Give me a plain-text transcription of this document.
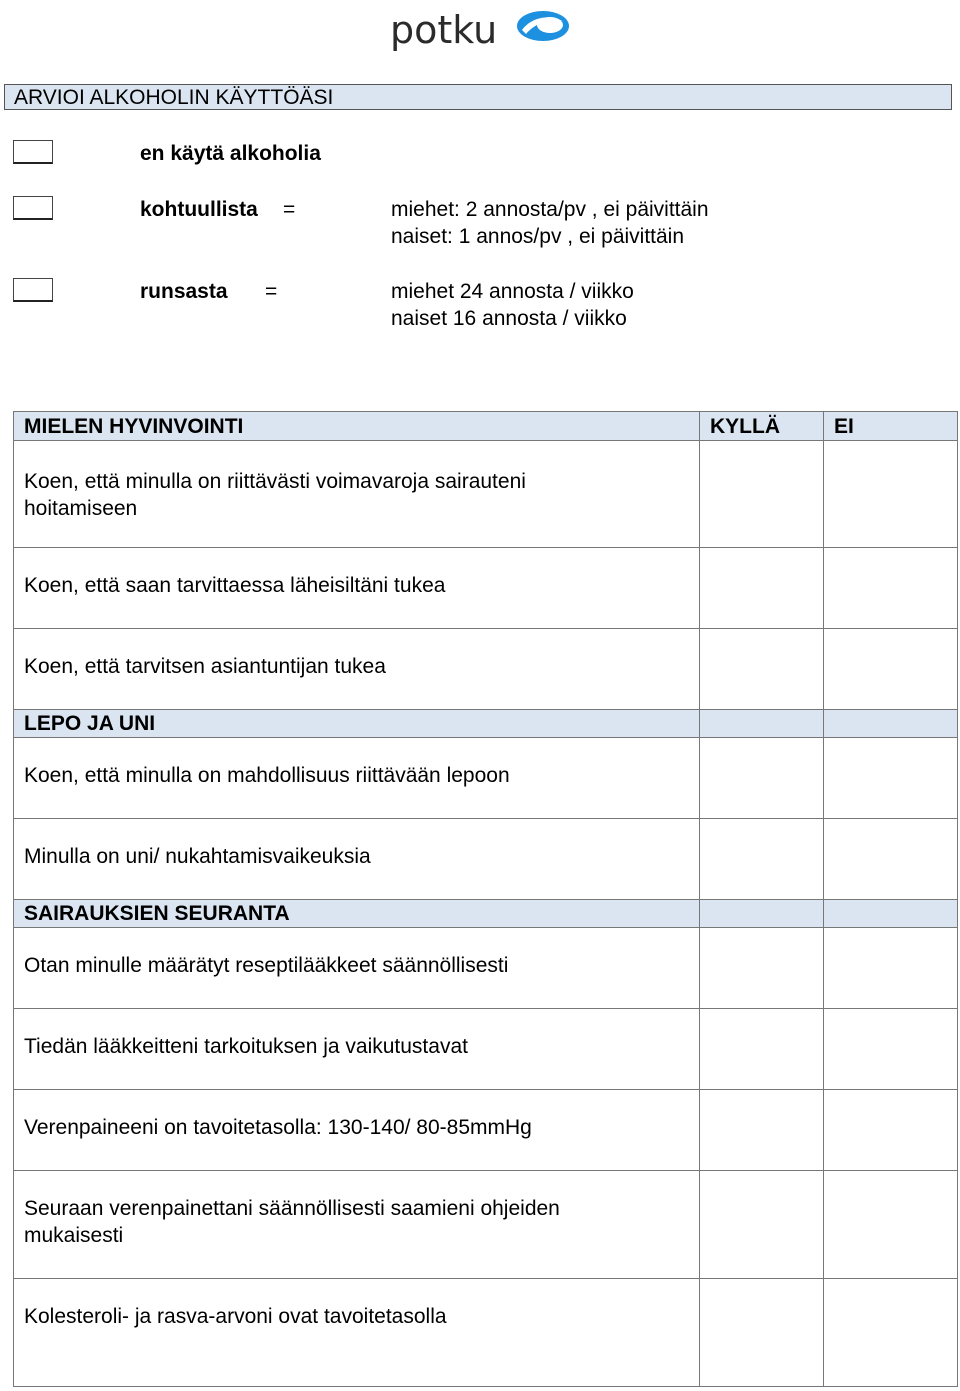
potku
ARVIOI ALKOHOLIN KÄYTTÖÄSI
en käytä alkoholia
kohtuullista =	miehet: 2 annosta/pv , ei päivittäin
naiset: 1 annos/pv , ei päivittäin
runsasta =	miehet 24 annosta / viikko
naiset 16 annosta / viikko
MIELEN HYVINVOINTI	KYLLÄ	EI

Koen, että minulla on riittävästi voimavaroja sairauteni
hoitamiseen		

Koen, että saan tarvittaessa läheisiltäni tukea		

Koen, että tarvitsen asiantuntijan tukea		

LEPO JA UNI		

Koen, että minulla on mahdollisuus riittävään lepoon		

Minulla on uni/ nukahtamisvaikeuksia		

SAIRAUKSIEN SEURANTA		

Otan minulle määrätyt reseptilääkkeet säännöllisesti		

Tiedän lääkkeitteni tarkoituksen ja vaikutustavat		

Verenpaineeni on tavoitetasolla: 130-140/ 80-85mmHg		

Seuraan verenpainettani säännöllisesti saamieni ohjeiden
mukaisesti		

Kolesteroli- ja rasva-arvoni ovat tavoitetasolla		
